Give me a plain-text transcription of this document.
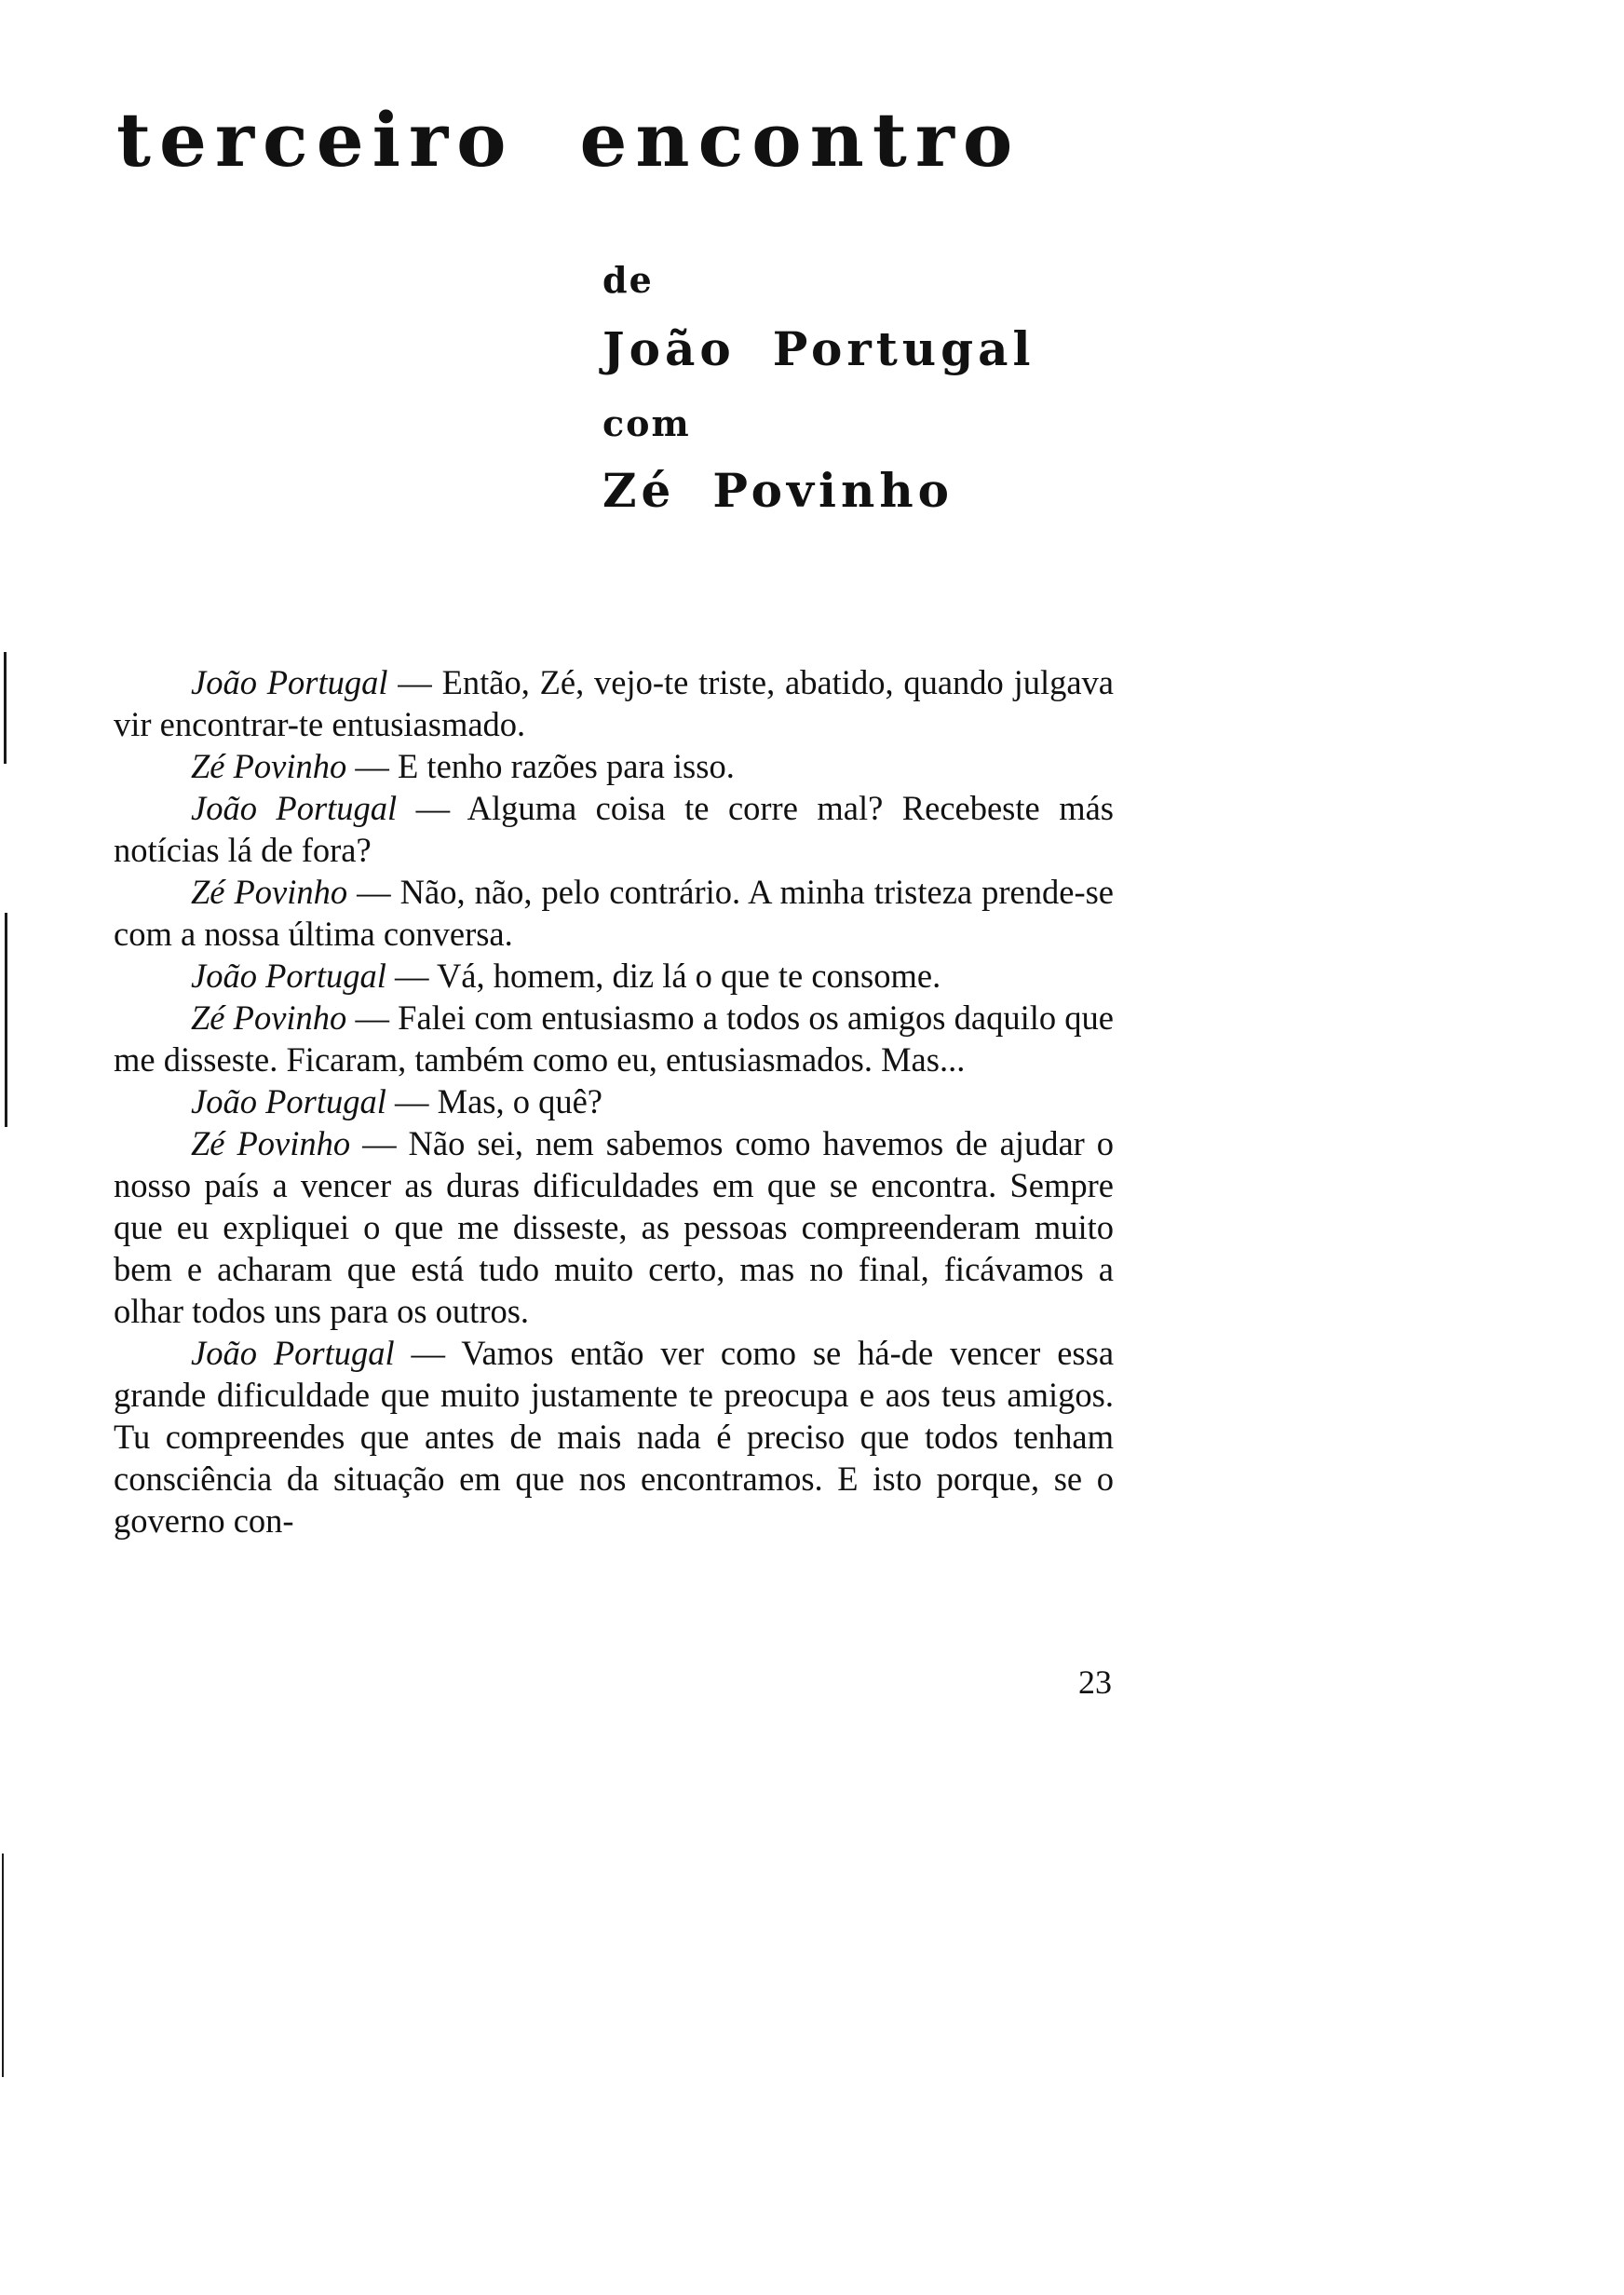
terceiro encontro
de
João Portugal
com
Zé Povinho

João Portugal — Então, Zé, vejo-te triste, abatido, quando julgava vir encontrar-te entusiasmado.

Zé Povinho — E tenho razões para isso.

João Portugal — Alguma coisa te corre mal? Recebeste más notícias lá de fora?

Zé Povinho — Não, não, pelo contrário. A minha tristeza prende-se com a nossa última conversa.

João Portugal — Vá, homem, diz lá o que te consome.

Zé Povinho — Falei com entusiasmo a todos os amigos daquilo que me disseste. Ficaram, também como eu, entusiasmados. Mas...

João Portugal — Mas, o quê?

Zé Povinho — Não sei, nem sabemos como havemos de ajudar o nosso país a vencer as duras dificuldades em que se encontra. Sempre que eu expliquei o que me disseste, as pessoas compreenderam muito bem e acharam que está tudo muito certo, mas no final, ficávamos a olhar todos uns para os outros.

João Portugal — Vamos então ver como se há-de vencer essa grande dificuldade que muito justamente te preocupa e aos teus amigos. Tu compreendes que antes de mais nada é preciso que todos tenham consciência da situação em que nos encontramos. E isto porque, se o governo con-

23
